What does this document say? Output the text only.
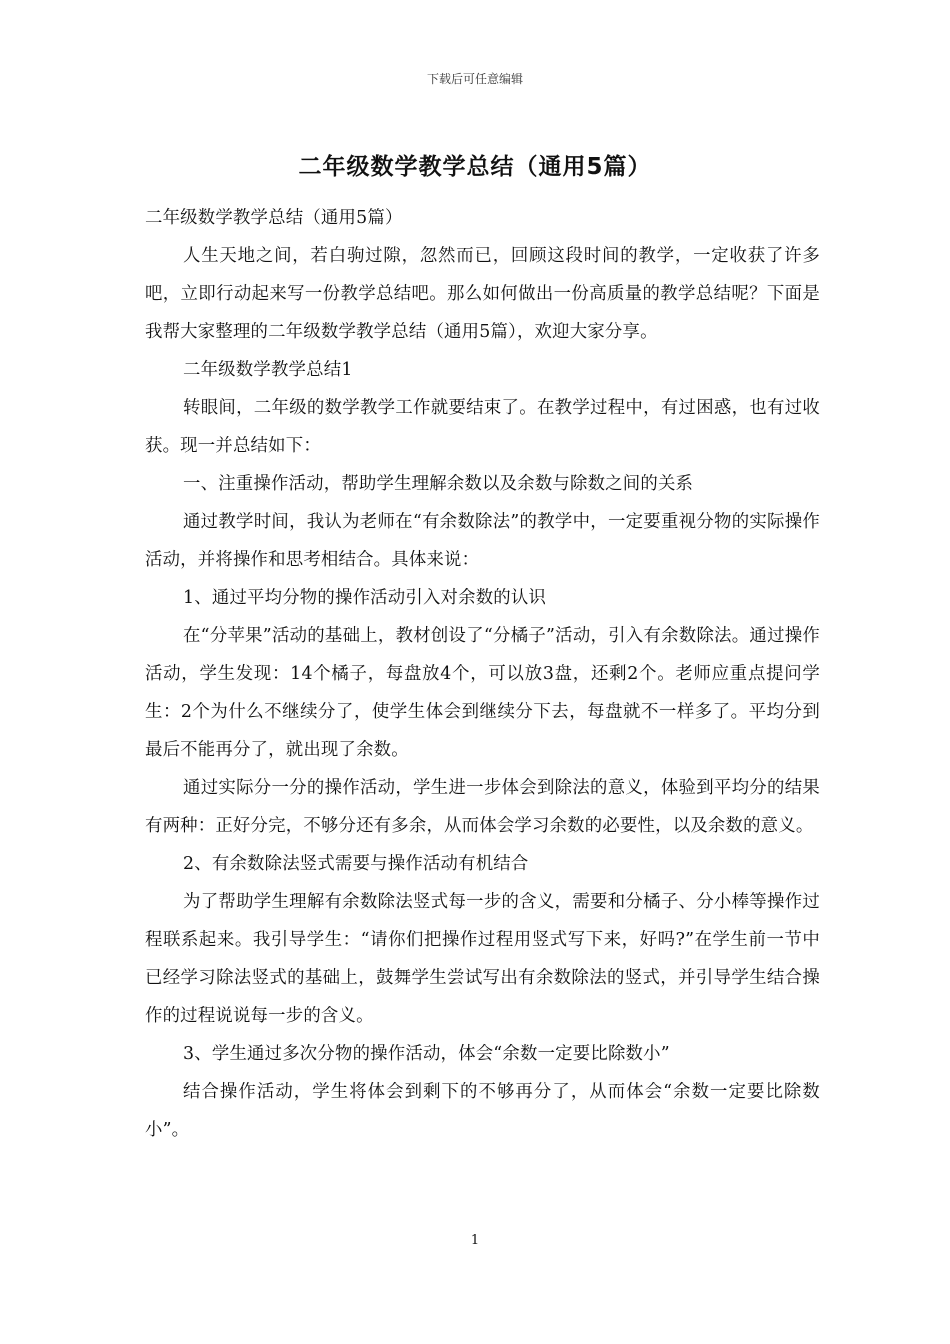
下载后可任意编辑
二年级数学教学总结（通用5篇）

二年级数学教学总结（通用5篇）

人生天地之间，若白驹过隙，忽然而已，回顾这段时间的教学，一定收获了许多吧，立即行动起来写一份教学总结吧。那么如何做出一份高质量的教学总结呢？下面是我帮大家整理的二年级数学教学总结（通用5篇），欢迎大家分享。

二年级数学教学总结1

转眼间，二年级的数学教学工作就要结束了。在教学过程中，有过困惑，也有过收获。现一并总结如下：

一、注重操作活动，帮助学生理解余数以及余数与除数之间的关系

通过教学时间，我认为老师在“有余数除法”的教学中，一定要重视分物的实际操作活动，并将操作和思考相结合。具体来说：

1、通过平均分物的操作活动引入对余数的认识

在“分苹果”活动的基础上，教材创设了“分橘子”活动，引入有余数除法。通过操作活动，学生发现：14个橘子，每盘放4个，可以放3盘，还剩2个。老师应重点提问学生：2个为什么不继续分了，使学生体会到继续分下去，每盘就不一样多了。平均分到最后不能再分了，就出现了余数。

通过实际分一分的操作活动，学生进一步体会到除法的意义，体验到平均分的结果有两种：正好分完，不够分还有多余，从而体会学习余数的必要性，以及余数的意义。

2、有余数除法竖式需要与操作活动有机结合

为了帮助学生理解有余数除法竖式每一步的含义，需要和分橘子、分小棒等操作过程联系起来。我引导学生：“请你们把操作过程用竖式写下来，好吗?”在学生前一节中已经学习除法竖式的基础上，鼓舞学生尝试写出有余数除法的竖式，并引导学生结合操作的过程说说每一步的含义。

3、学生通过多次分物的操作活动，体会“余数一定要比除数小”

结合操作活动，学生将体会到剩下的不够再分了，从而体会“余数一定要比除数小”。

1
